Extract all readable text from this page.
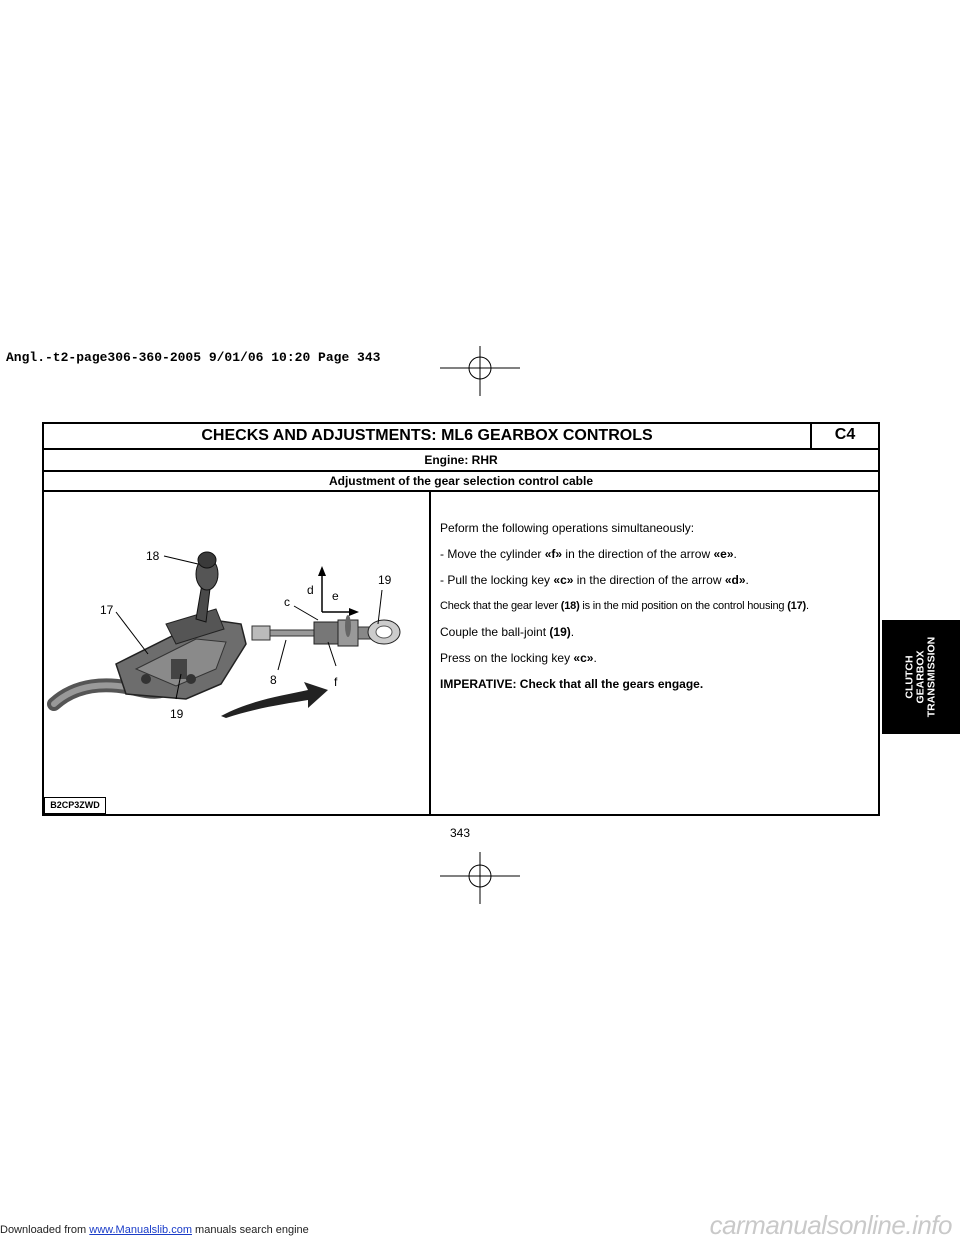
Angl.-t2-page306-360-2005 9/01/06 10:20 Page 343
CHECKS AND ADJUSTMENTS: ML6 GEARBOX CONTROLS	C4
Engine: RHR
Adjustment of the gear selection control cable
18
17
19
19
c
d e
8	f
B2CP3ZWD

Peform the following operations simultaneously:

- Move the cylinder «f» in the direction of the arrow «e».

- Pull the locking key «c» in the direction of the arrow «d».

Check that the gear lever (18) is in the mid position on the control housing (17).

Couple the ball-joint (19).

Press on the locking key «c».

IMPERATIVE: Check that all the gears engage.

343
CLUTCH GEARBOX TRANSMISSION
Downloaded from www.Manualslib.com manuals search engine	carmanualsonline.info
